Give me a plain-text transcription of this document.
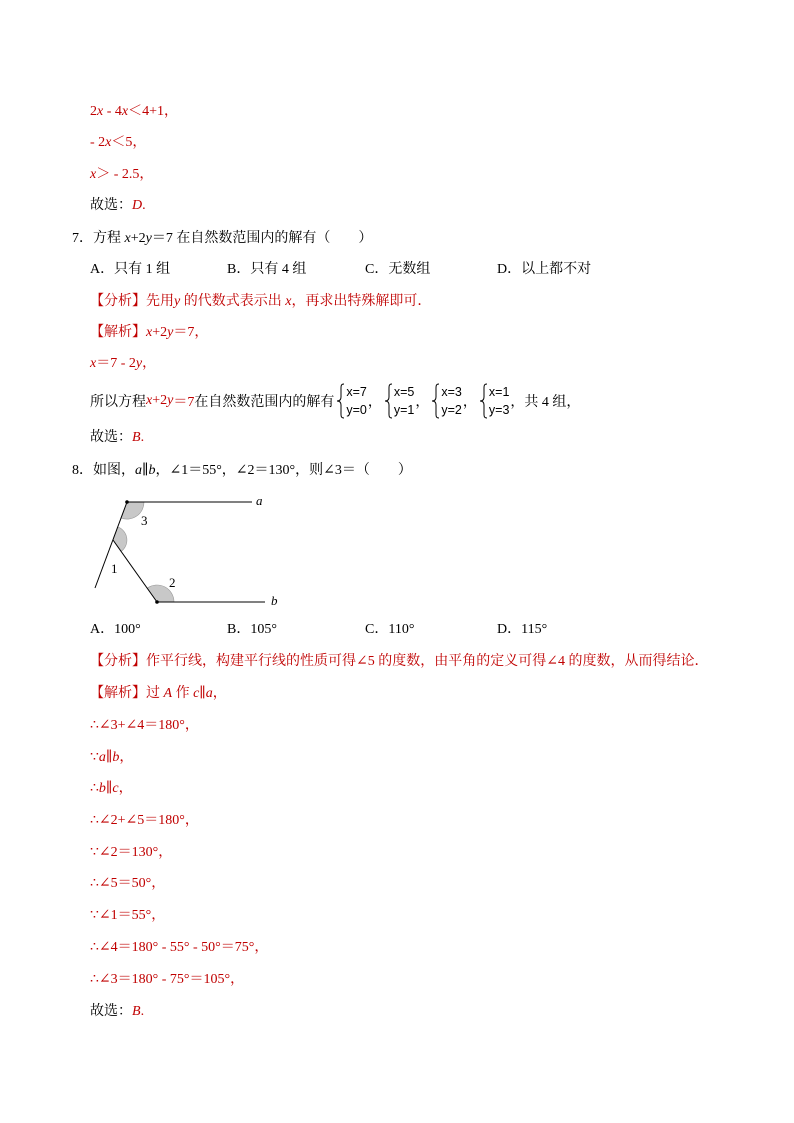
2x - 4x＜4+1，
- 2x＜5，
x＞ - 2.5，
故选：D.
7．方程 x+2y＝7 在自然数范围内的解有（　　）
A．只有 1 组	B．只有 4 组	C．无数组	D．以上都不对
【分析】先用y 的代数式表示出 x，再求出特殊解即可．
【解析】x+2y＝7，
x＝7 - 2y，
所以方程 x +2 y ＝7 在自然数范围内的解有
x=7
y=0 ，
x=5
y=1 ，
x=3
y=2 ，
x=1
y=3 ，共 4 组，
故选：B.
8．如图，a∥b，∠1＝55°，∠2＝130°，则∠3＝（　　）
a
b
3
1
2
A．100°	B．105°	C．110°	D．115°
【分析】作平行线，构建平行线的性质可得∠5 的度数，由平角的定义可得∠4 的度数，从而得结论．
【解析】过 A 作 c∥a，
∴∠3+∠4＝180°，
∵a∥b，
∴b∥c，
∴∠2+∠5＝180°，
∵∠2＝130°，
∴∠5＝50°，
∵∠1＝55°，
∴∠4＝180° - 55° - 50°＝75°，
∴∠3＝180° - 75°＝105°，
故选：B.
